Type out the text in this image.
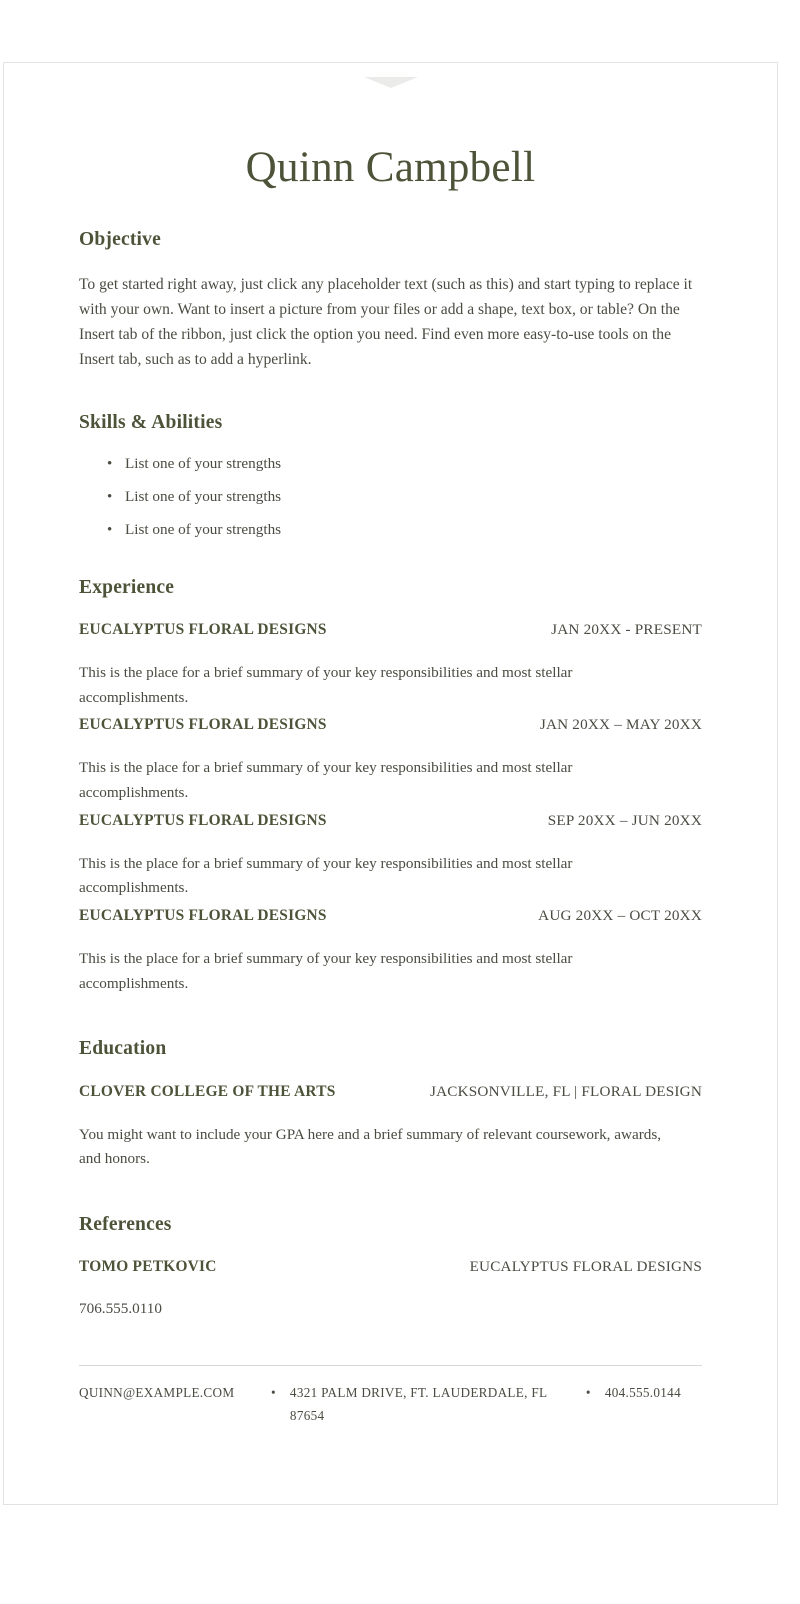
Quinn Campbell
Objective

To get started right away, just click any placeholder text (such as this) and start typing to replace it with your own. Want to insert a picture from your files or add a shape, text box, or table? On the Insert tab of the ribbon, just click the option you need. Find even more easy-to-use tools on the Insert tab, such as to add a hyperlink.

Skills & Abilities
• List one of your strengths
• List one of your strengths
• List one of your strengths
Experience
EUCALYPTUS FLORAL DESIGNS	JAN 20XX - PRESENT

This is the place for a brief summary of your key responsibilities and most stellar accomplishments.

EUCALYPTUS FLORAL DESIGNS	JAN 20XX – MAY 20XX

This is the place for a brief summary of your key responsibilities and most stellar accomplishments.

EUCALYPTUS FLORAL DESIGNS	SEP 20XX – JUN 20XX

This is the place for a brief summary of your key responsibilities and most stellar accomplishments.

EUCALYPTUS FLORAL DESIGNS	AUG 20XX – OCT 20XX

This is the place for a brief summary of your key responsibilities and most stellar accomplishments.

Education
CLOVER COLLEGE OF THE ARTS	JACKSONVILLE, FL | FLORAL DESIGN

You might want to include your GPA here and a brief summary of relevant coursework, awards, and honors.

References
TOMO PETKOVIC	EUCALYPTUS FLORAL DESIGNS

706.555.0110

QUINN@EXAMPLE.COM	•	4321 PALM DRIVE, FT. LAUDERDALE, FL 87654
•	404.555.0144
